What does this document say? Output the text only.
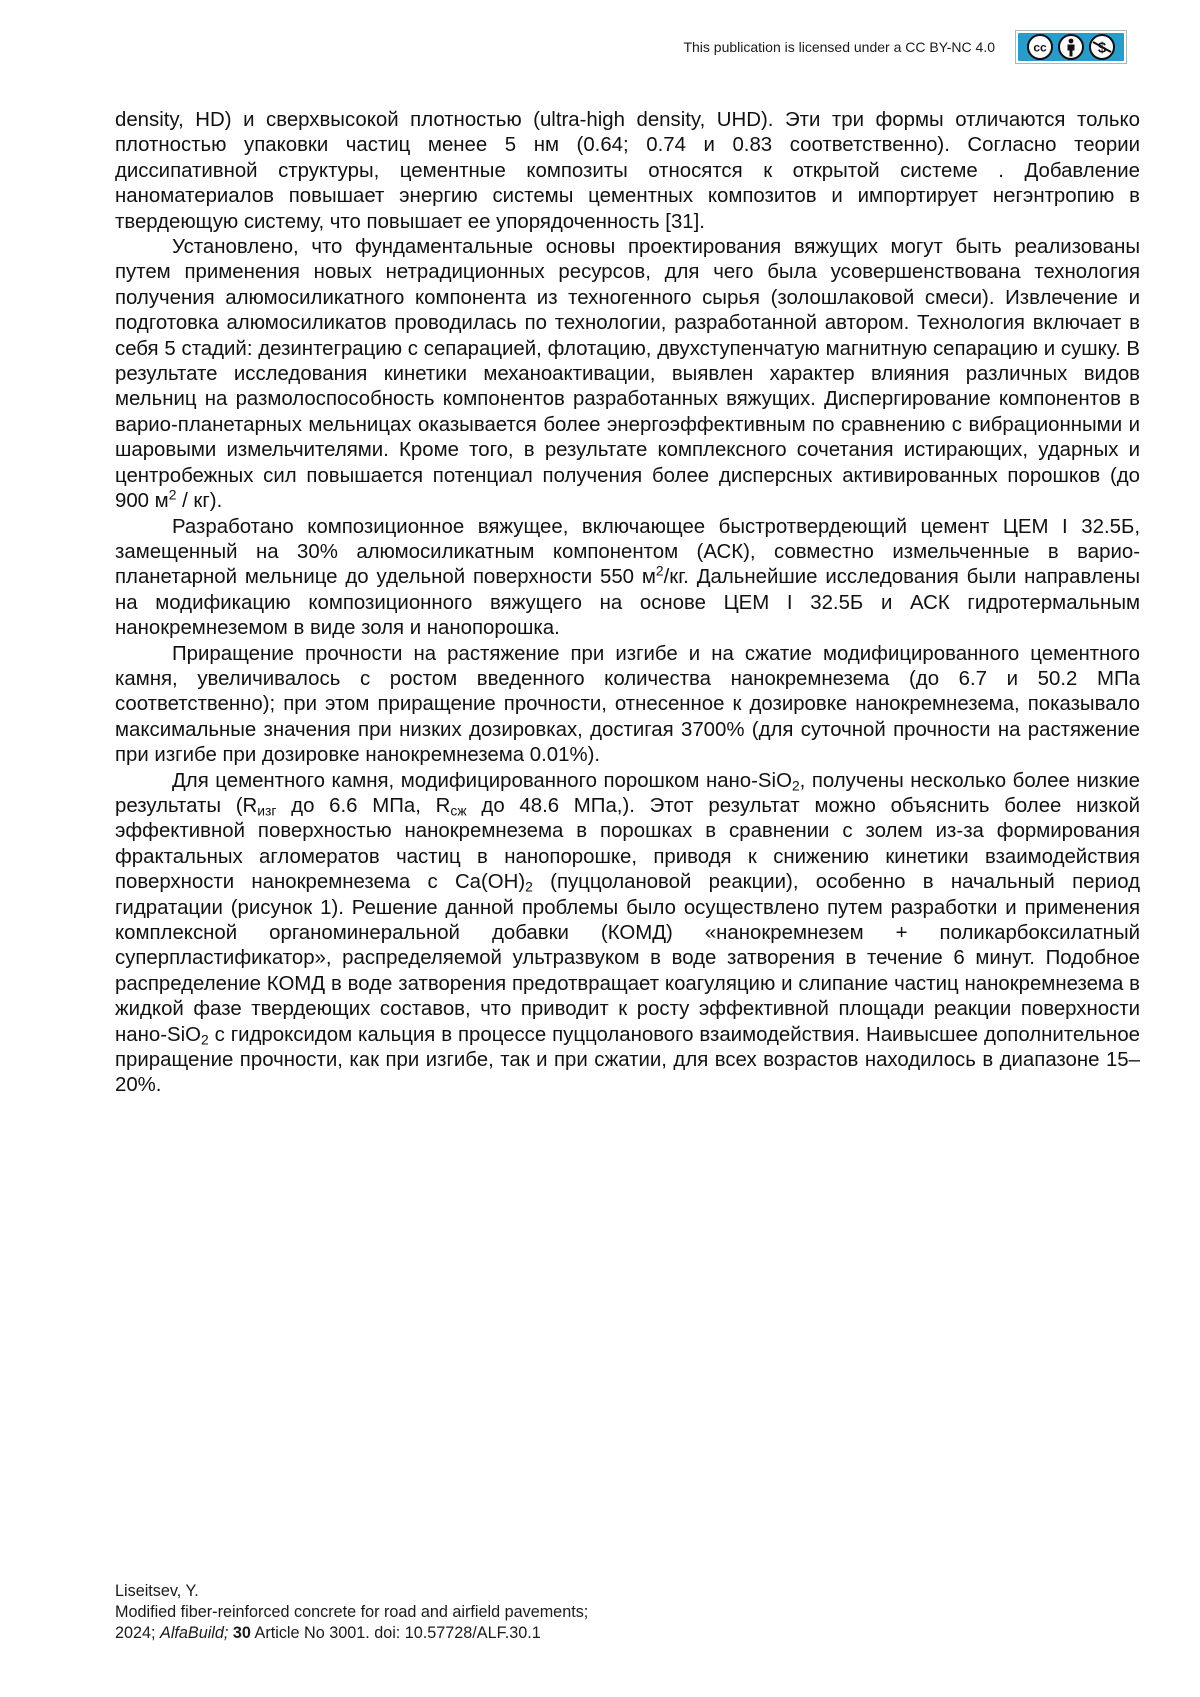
This publication is licensed under a CC BY-NC 4.0	cc

density, HD) и сверхвысокой плотностью (ultra-high density, UHD). Эти три формы отличаются только плотностью упаковки частиц менее 5 нм (0.64; 0.74 и 0.83 соответственно). Согласно теории диссипативной структуры, цементные композиты относятся к открытой системе . Добавление наноматериалов повышает энергию системы цементных композитов и импортирует негэнтропию в твердеющую систему, что повышает ее упорядоченность [31].

Установлено, что фундаментальные основы проектирования вяжущих могут быть реализованы путем применения новых нетрадиционных ресурсов, для чего была усовершенствована технология получения алюмосиликатного компонента из техногенного сырья (золошлаковой смеси). Извлечение и подготовка алюмосиликатов проводилась по технологии, разработанной автором. Технология включает в себя 5 стадий: дезинтеграцию с сепарацией, флотацию, двухступенчатую магнитную сепарацию и сушку. В результате исследования кинетики механоактивации, выявлен характер влияния различных видов мельниц на размолоспособность компонентов разработанных вяжущих. Диспергирование компонентов в варио-планетарных мельницах оказывается более энергоэффективным по сравнению с вибрационными и шаровыми измельчителями. Кроме того, в результате комплексного сочетания истирающих, ударных и центробежных сил повышается потенциал получения более дисперсных активированных порошков (до 900 м2 / кг).

Разработано композиционное вяжущее, включающее быстротвердеющий цемент ЦЕМ I 32.5Б, замещенный на 30% алюмосиликатным компонентом (АСК), совместно измельченные в варио-планетарной мельнице до удельной поверхности 550 м2/кг. Дальнейшие исследования были направлены на модификацию композиционного вяжущего на основе ЦЕМ I 32.5Б и АСК гидротермальным нанокремнеземом в виде золя и нанопорошка.

Приращение прочности на растяжение при изгибе и на сжатие модифицированного цементного камня, увеличивалось с ростом введенного количества нанокремнезема (до 6.7 и 50.2 МПа соответственно); при этом приращение прочности, отнесенное к дозировке нанокремнезема, показывало максимальные значения при низких дозировках, достигая 3700% (для суточной прочности на растяжение при изгибе при дозировке нанокремнезема 0.01%).

Для цементного камня, модифицированного порошком нано-SiO2, получены несколько более низкие результаты (Rизг до 6.6 МПа, Rсж до 48.6 МПа,). Этот результат можно объяснить более низкой эффективной поверхностью нанокремнезема в порошках в сравнении с золем из-за формирования фрактальных агломератов частиц в нанопорошке, приводя к снижению кинетики взаимодействия поверхности нанокремнезема с Ca(OH)2 (пуццолановой реакции), особенно в начальный период гидратации (рисунок 1). Решение данной проблемы было осуществлено путем разработки и применения комплексной органоминеральной добавки (КОМД) «нанокремнезем + поликарбоксилатный суперпластификатор», распределяемой ультразвуком в воде затворения в течение 6 минут. Подобное распределение КОМД в воде затворения предотвращает коагуляцию и слипание частиц нанокремнезема в жидкой фазе твердеющих составов, что приводит к росту эффективной площади реакции поверхности нано-SiO2 с гидроксидом кальция в процессе пуццоланового взаимодействия. Наивысшее дополнительное приращение прочности, как при изгибе, так и при сжатии, для всех возрастов находилось в диапазоне 15–20%.

Liseitsev, Y.
Modified fiber-reinforced concrete for road and airfield pavements;
2024; AlfaBuild; 30 Article No 3001. doi: 10.57728/ALF.30.1
